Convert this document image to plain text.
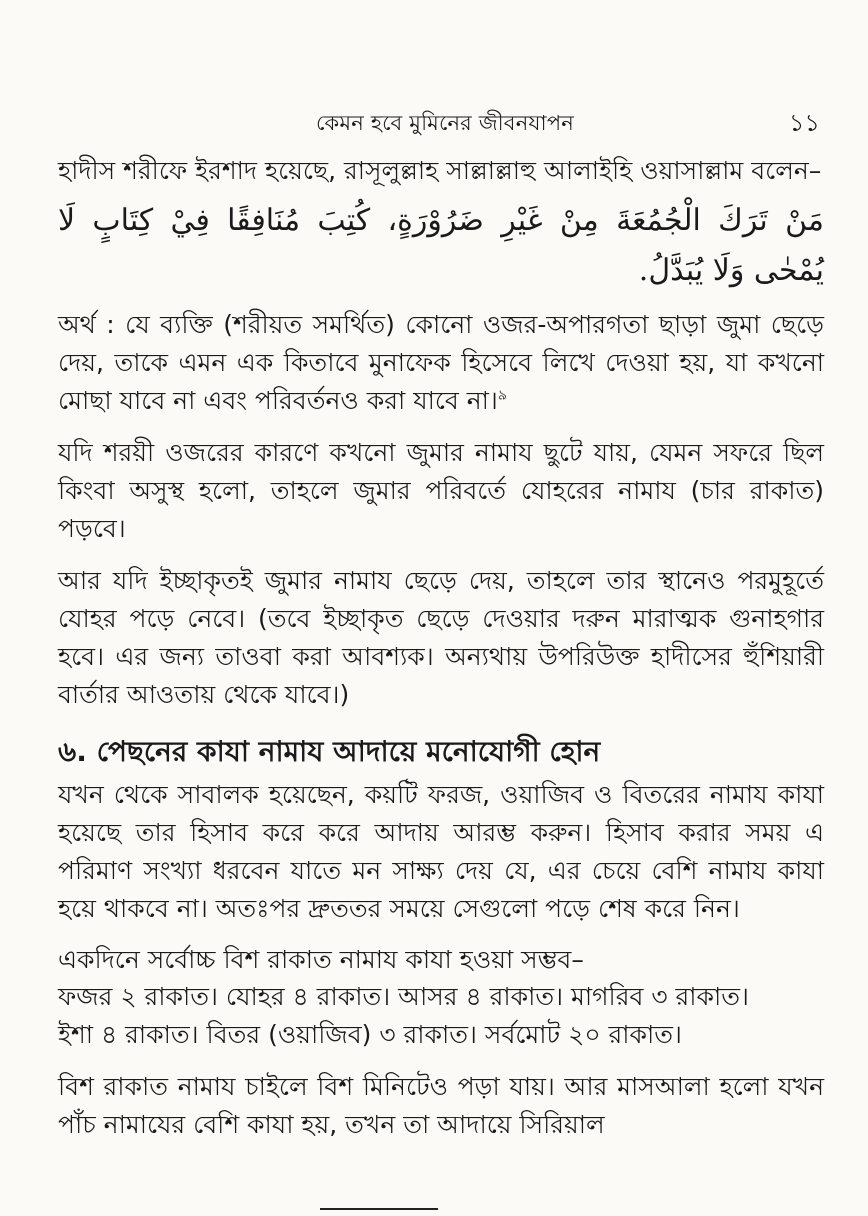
কেমন হবে মুমিনের জীবনযাপন	১১

হাদীস শরীফে ইরশাদ হয়েছে, রাসূলুল্লাহ সাল্লাল্লাহু আলাইহি ওয়াসাল্লাম বলেন–

مَنْ تَرَكَ الْجُمُعَةَ مِنْ غَيْرِ ضَرُوْرَةٍ، كُتِبَ مُنَافِقًا فِيْ كِتَابٍ لَا يُمْحٰى وَلَا يُبَدَّلُ.

অর্থ : যে ব্যক্তি (শরীয়ত সমর্থিত) কোনো ওজর-অপারগতা ছাড়া জুমা ছেড়ে দেয়, তাকে এমন এক কিতাবে মুনাফেক হিসেবে লিখে দেওয়া হয়, যা কখনো মোছা যাবে না এবং পরিবর্তনও করা যাবে না।$^৯$

যদি শরয়ী ওজরের কারণে কখনো জুমার নামায ছুটে যায়, যেমন সফরে ছিল কিংবা অসুস্থ হলো, তাহলে জুমার পরিবর্তে যোহরের নামায (চার রাকাত) পড়বে।

আর যদি ইচ্ছাকৃতই জুমার নামায ছেড়ে দেয়, তাহলে তার স্থানেও পরমুহূর্তে যোহর পড়ে নেবে। (তবে ইচ্ছাকৃত ছেড়ে দেওয়ার দরুন মারাত্মক গুনাহগার হবে। এর জন্য তাওবা করা আবশ্যক। অন্যথায় উপরিউক্ত হাদীসের হুঁশিয়ারী বার্তার আওতায় থেকে যাবে।)

৬. পেছনের কাযা নামায আদায়ে মনোযোগী হোন

যখন থেকে সাবালক হয়েছেন, কয়টি ফরজ, ওয়াজিব ও বিতরের নামায কাযা হয়েছে তার হিসাব করে করে আদায় আরম্ভ করুন। হিসাব করার সময় এ পরিমাণ সংখ্যা ধরবেন যাতে মন সাক্ষ্য দেয় যে, এর চেয়ে বেশি নামায কাযা হয়ে থাকবে না। অতঃপর দ্রুততর সময়ে সেগুলো পড়ে শেষ করে নিন।

একদিনে সর্বোচ্চ বিশ রাকাত নামায কাযা হওয়া সম্ভব–

ফজর ২ রাকাত। যোহর ৪ রাকাত। আসর ৪ রাকাত। মাগরিব ৩ রাকাত।

ইশা ৪ রাকাত। বিতর (ওয়াজিব) ৩ রাকাত। সর্বমোট ২০ রাকাত।

বিশ রাকাত নামায চাইলে বিশ মিনিটেও পড়া যায়। আর মাসআলা হলো যখন পাঁচ নামাযের বেশি কাযা হয়, তখন তা আদায়ে সিরিয়াল
